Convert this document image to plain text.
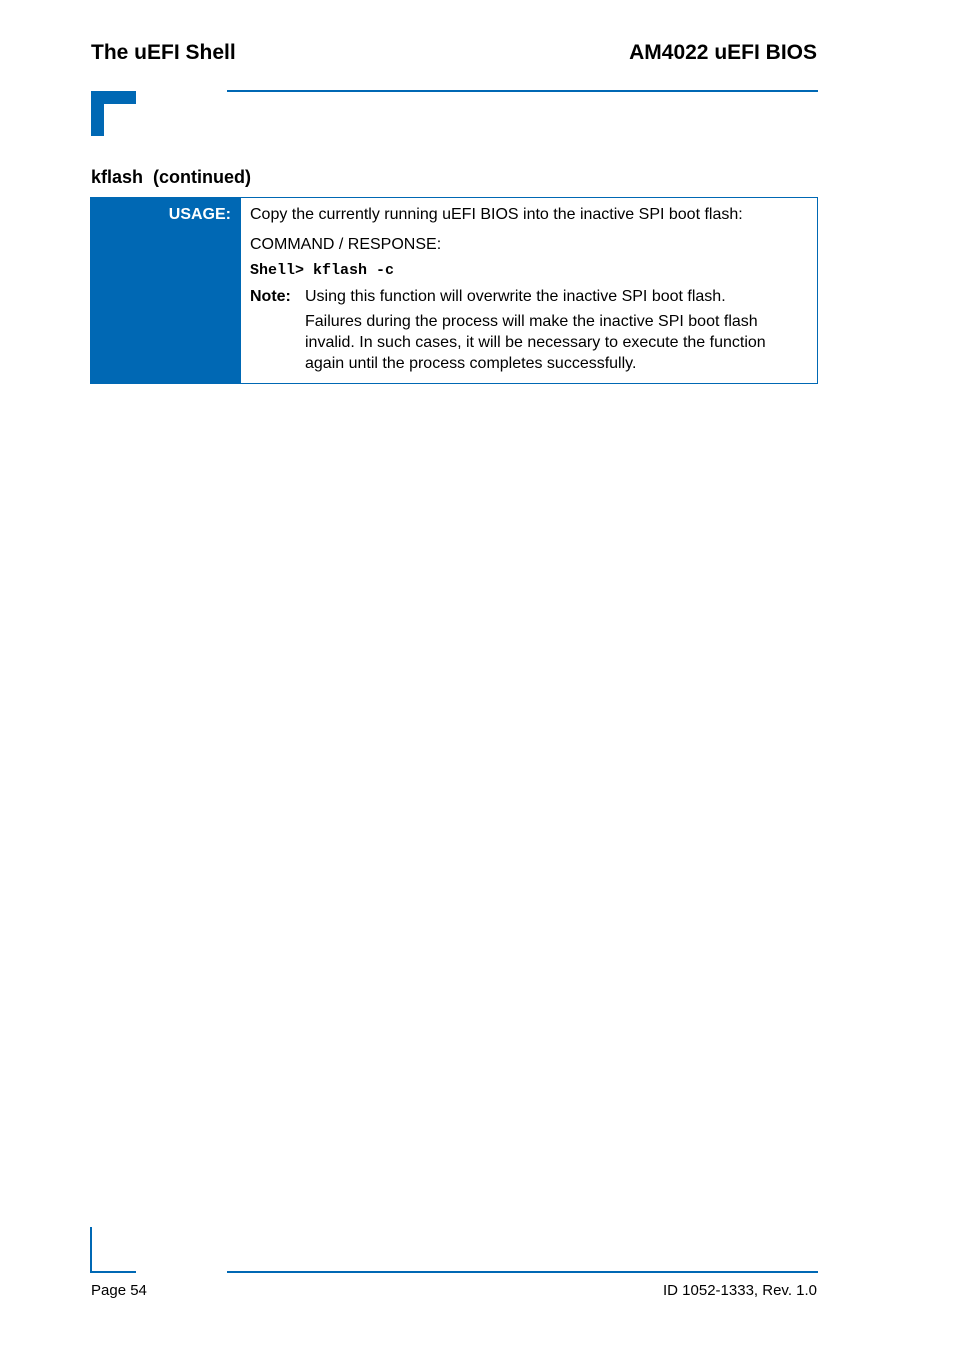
The uEFI Shell	AM4022 uEFI BIOS
kflash  (continued)
USAGE: Copy the currently running uEFI BIOS into the inactive SPI boot flash:
COMMAND / RESPONSE:
Shell> kflash -c
Note: Using this function will overwrite the inactive SPI boot flash.
Failures during the process will make the inactive SPI boot flash
invalid. In such cases, it will be necessary to execute the function
again until the process completes successfully.
Page 54	ID 1052-1333, Rev. 1.0
